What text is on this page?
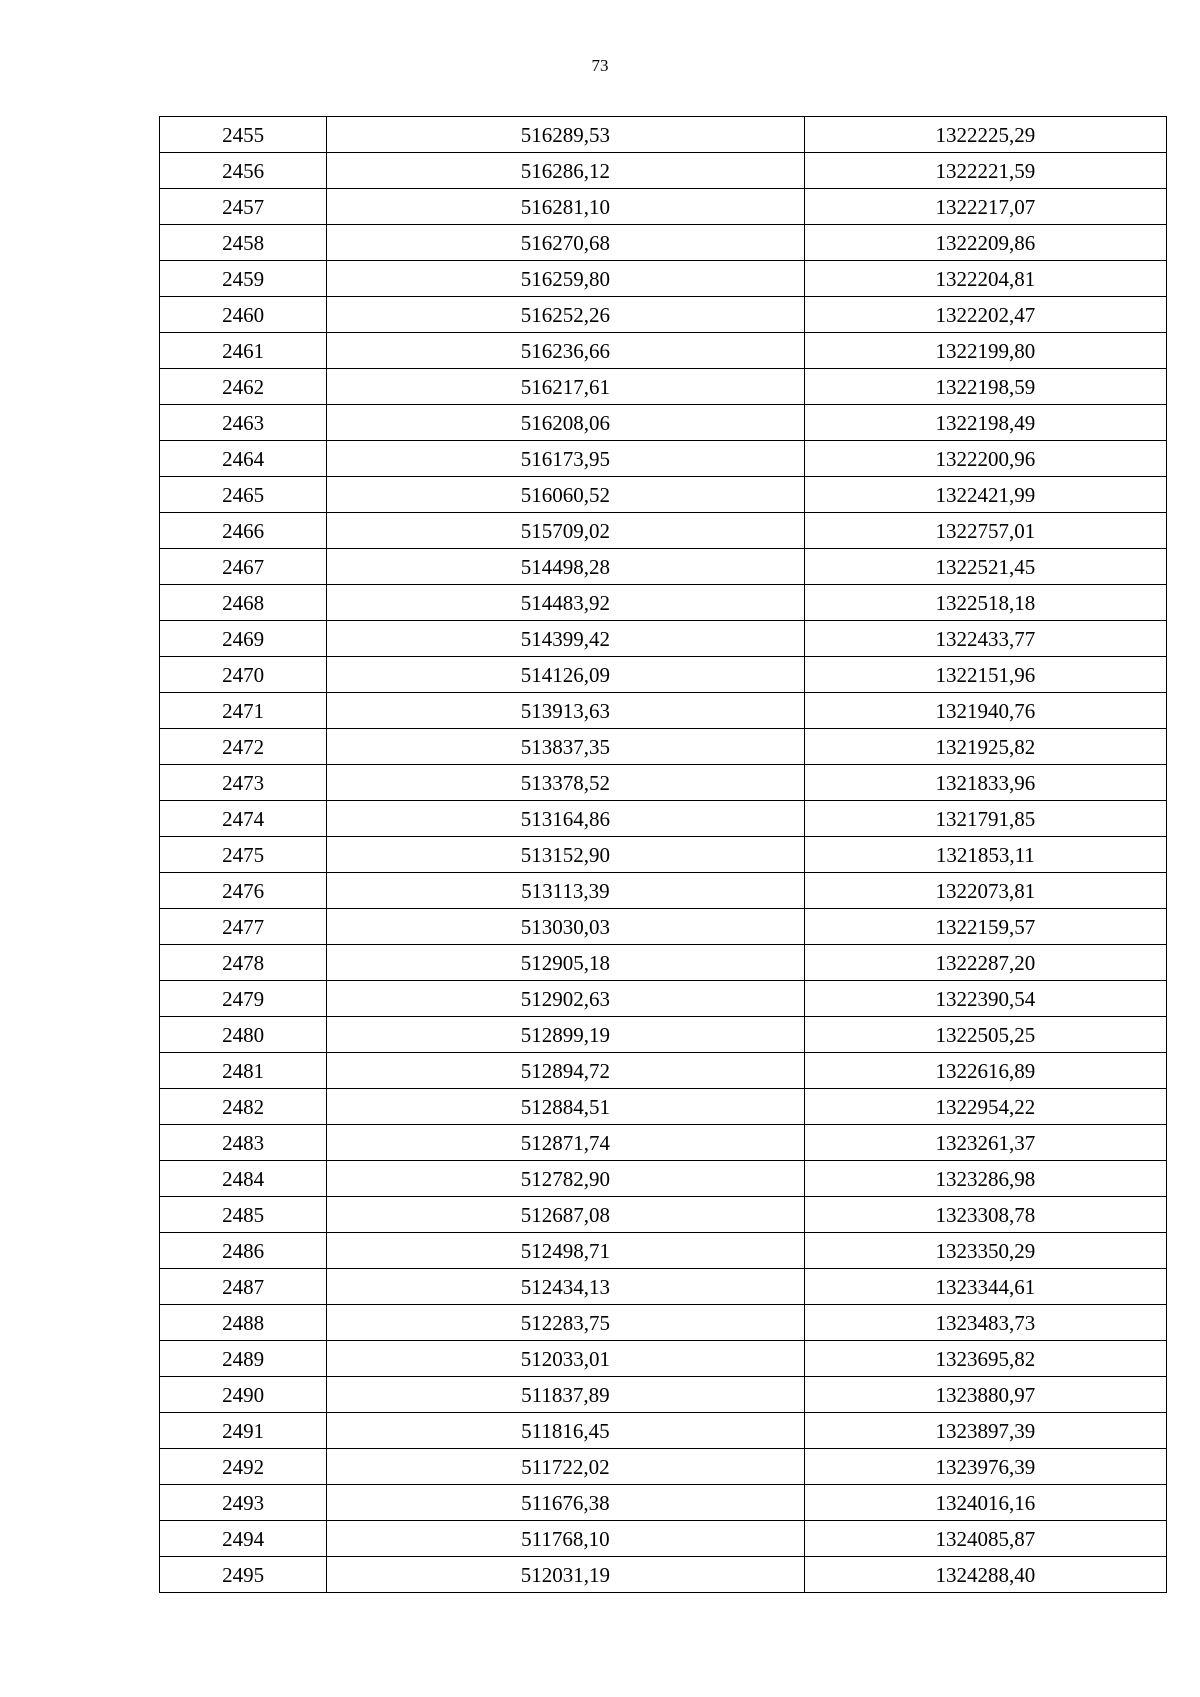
73
2455	516289,53	1322225,29
2456	516286,12	1322221,59
2457	516281,10	1322217,07
2458	516270,68	1322209,86
2459	516259,80	1322204,81
2460	516252,26	1322202,47
2461	516236,66	1322199,80
2462	516217,61	1322198,59
2463	516208,06	1322198,49
2464	516173,95	1322200,96
2465	516060,52	1322421,99
2466	515709,02	1322757,01
2467	514498,28	1322521,45
2468	514483,92	1322518,18
2469	514399,42	1322433,77
2470	514126,09	1322151,96
2471	513913,63	1321940,76
2472	513837,35	1321925,82
2473	513378,52	1321833,96
2474	513164,86	1321791,85
2475	513152,90	1321853,11
2476	513113,39	1322073,81
2477	513030,03	1322159,57
2478	512905,18	1322287,20
2479	512902,63	1322390,54
2480	512899,19	1322505,25
2481	512894,72	1322616,89
2482	512884,51	1322954,22
2483	512871,74	1323261,37
2484	512782,90	1323286,98
2485	512687,08	1323308,78
2486	512498,71	1323350,29
2487	512434,13	1323344,61
2488	512283,75	1323483,73
2489	512033,01	1323695,82
2490	511837,89	1323880,97
2491	511816,45	1323897,39
2492	511722,02	1323976,39
2493	511676,38	1324016,16
2494	511768,10	1324085,87
2495	512031,19	1324288,40
